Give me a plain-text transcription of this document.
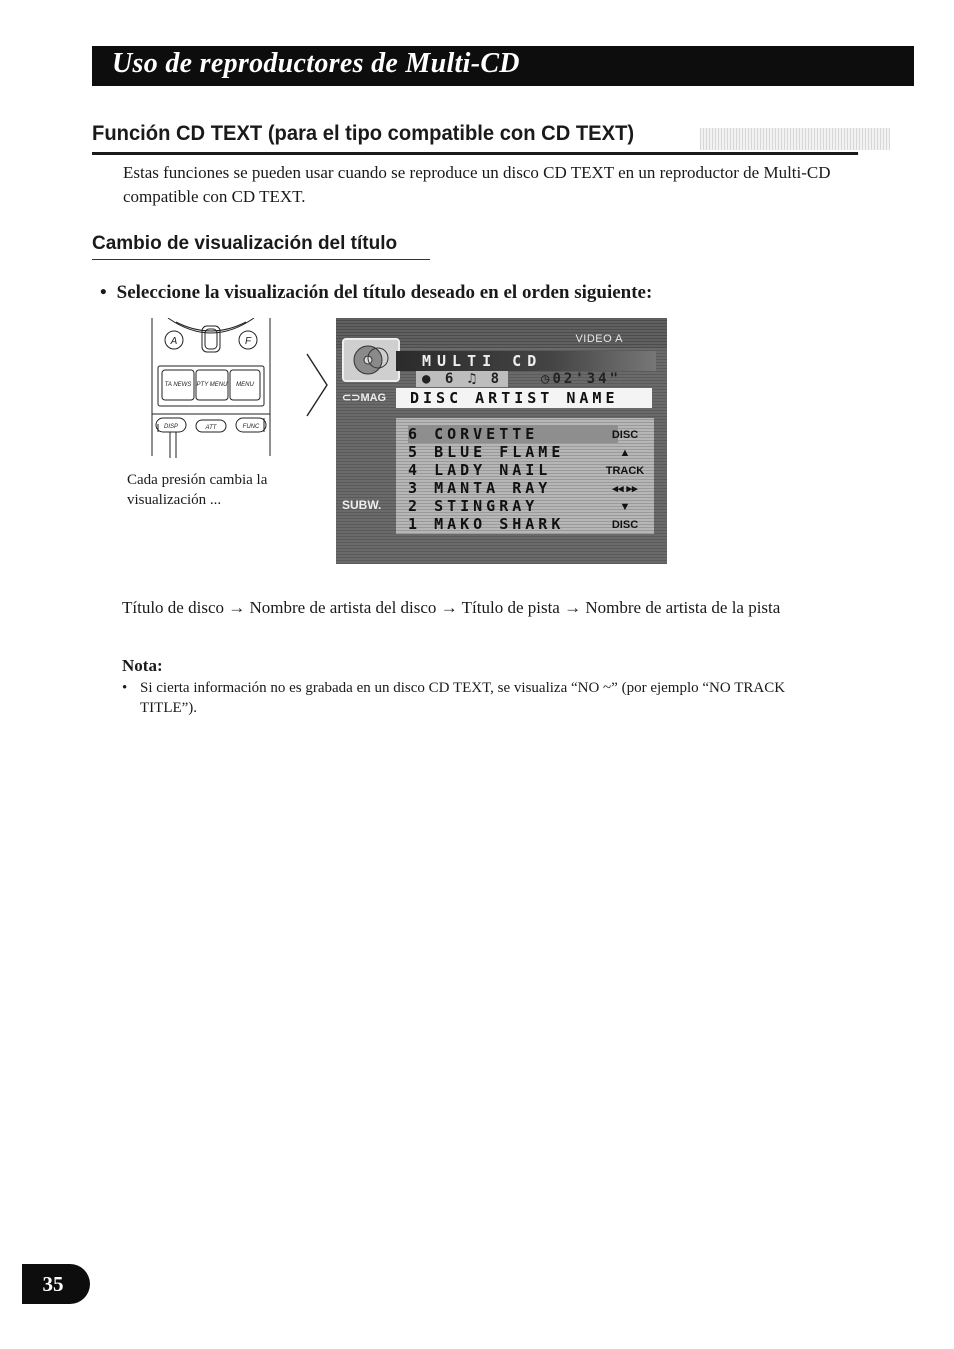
Uso de reproductores de Multi-CD
Función CD TEXT (para el tipo compatible con CD TEXT)
Estas funciones se pueden usar cuando se reproduce un disco CD TEXT en un reproductor de Multi-CD compatible con CD TEXT.
Cambio de visualización del título
• Seleccione la visualización del título deseado en el orden siguiente:
A	F
TA NEWS PTY MENU MENU
DISP	ATT	FUNC
Cada presión cambia la visualización ...
VIDEO A
MULTI CD
● 6 ♫ 8	◷02'34"
⊂⊃MAG	DISC ARTIST NAME
6 CORVETTE
5 BLUE FLAME
4 LADY NAIL
3 MANTA RAY
2 STINGRAY
1 MAKO SHARK
DISC
▲
TRACK
◂◂ ▸▸
▼
DISC
SUBW.
Título de disco → Nombre de artista del disco → Título de pista → Nombre de artista de la pista
Nota:
• Si cierta información no es grabada en un disco CD TEXT, se visualiza “NO ~” (por ejemplo “NO TRACK TITLE”).
35
